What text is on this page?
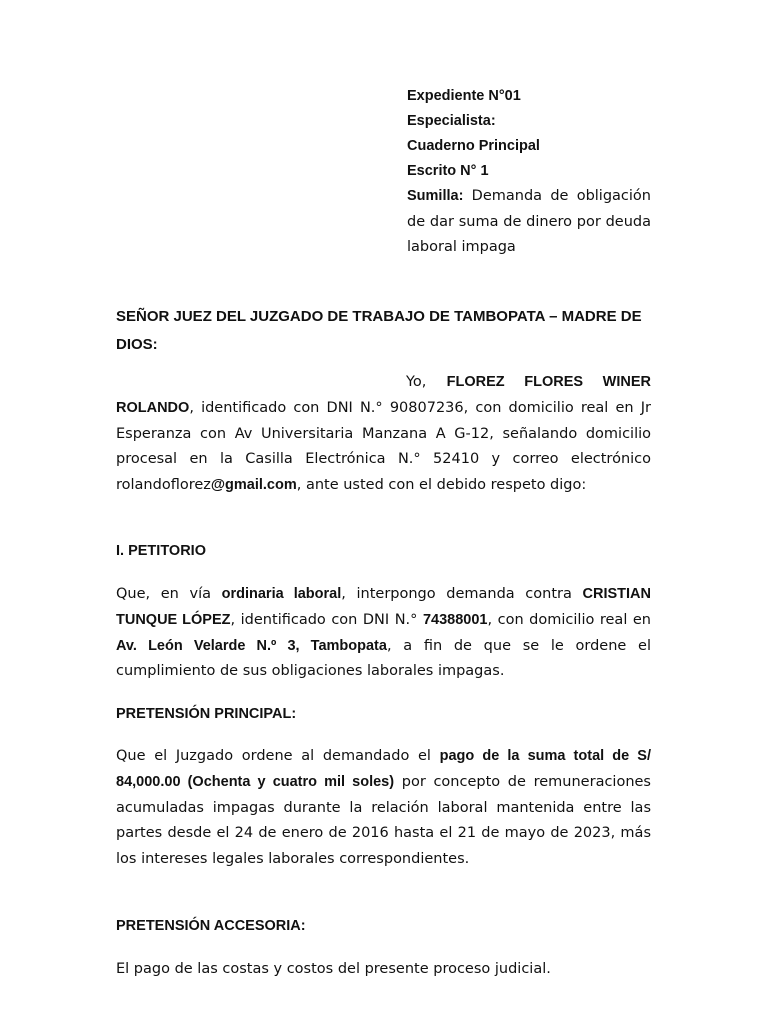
Expediente N°01
Especialista:
Cuaderno Principal
Escrito N° 1
Sumilla: Demanda de obligación de dar suma de dinero por deuda laboral impaga
SEÑOR JUEZ DEL JUZGADO DE TRABAJO DE TAMBOPATA – MADRE DE DIOS:
Yo, FLOREZ FLORES WINER ROLANDO, identificado con DNI N.° 90807236, con domicilio real en Jr Esperanza con Av Universitaria Manzana A G-12, señalando domicilio procesal en la Casilla Electrónica N.° 52410 y correo electrónico rolandoflorez@gmail.com, ante usted con el debido respeto digo:
I. PETITORIO
Que, en vía ordinaria laboral, interpongo demanda contra CRISTIAN TUNQUE LÓPEZ, identificado con DNI N.° 74388001, con domicilio real en Av. León Velarde N.º 3, Tambopata, a fin de que se le ordene el cumplimiento de sus obligaciones laborales impagas.
PRETENSIÓN PRINCIPAL:
Que el Juzgado ordene al demandado el pago de la suma total de S/ 84,000.00 (Ochenta y cuatro mil soles) por concepto de remuneraciones acumuladas impagas durante la relación laboral mantenida entre las partes desde el 24 de enero de 2016 hasta el 21 de mayo de 2023, más los intereses legales laborales correspondientes.
PRETENSIÓN ACCESORIA:
El pago de las costas y costos del presente proceso judicial.
